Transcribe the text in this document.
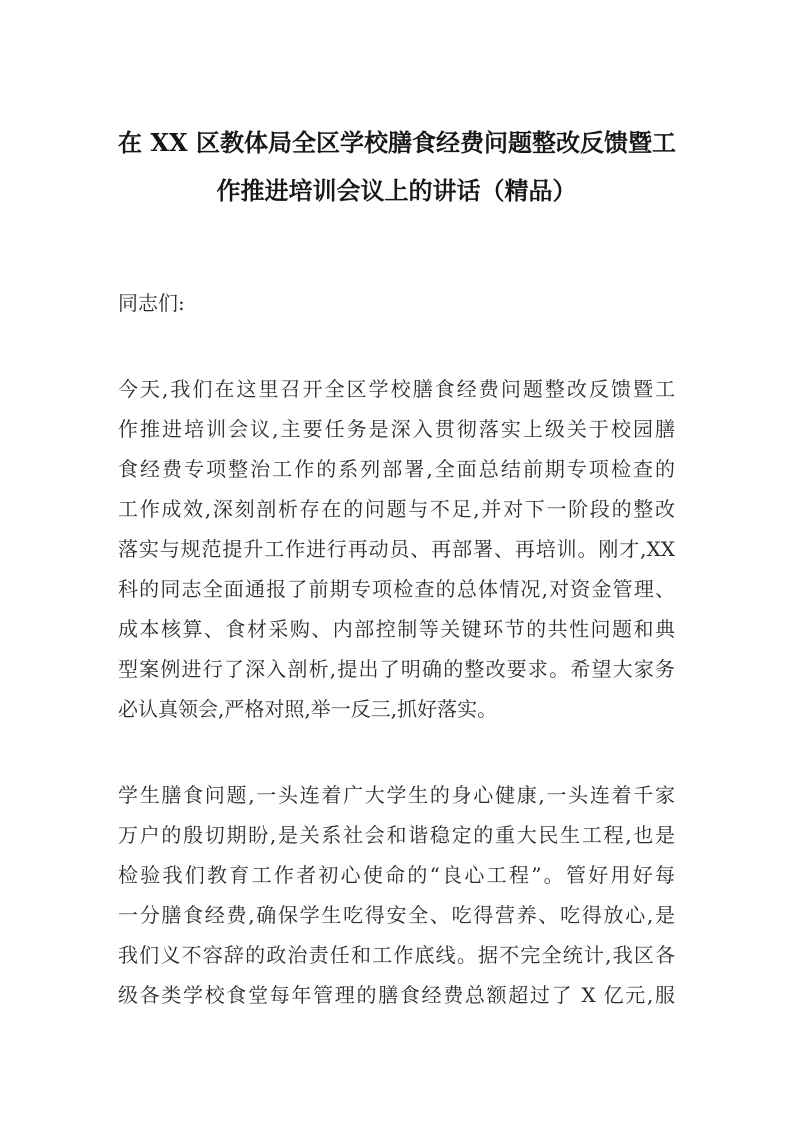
在 XX 区教体局全区学校膳食经费问题整改反馈暨工
作推进培训会议上的讲话（精品）
同志们:
今天,我们在这里召开全区学校膳食经费问题整改反馈暨工
作推进培训会议,主要任务是深入贯彻落实上级关于校园膳
食经费专项整治工作的系列部署,全面总结前期专项检查的
工作成效,深刻剖析存在的问题与不足,并对下一阶段的整改
落实与规范提升工作进行再动员、再部署、再培训。刚才,XX
科的同志全面通报了前期专项检查的总体情况,对资金管理、
成本核算、食材采购、内部控制等关键环节的共性问题和典
型案例进行了深入剖析,提出了明确的整改要求。希望大家务
必认真领会,严格对照,举一反三,抓好落实。
学生膳食问题,一头连着广大学生的身心健康,一头连着千家
万户的殷切期盼,是关系社会和谐稳定的重大民生工程,也是
检验我们教育工作者初心使命的“良心工程”。管好用好每
一分膳食经费,确保学生吃得安全、吃得营养、吃得放心,是
我们义不容辞的政治责任和工作底线。据不完全统计,我区各
级各类学校食堂每年管理的膳食经费总额超过了 X 亿元,服
